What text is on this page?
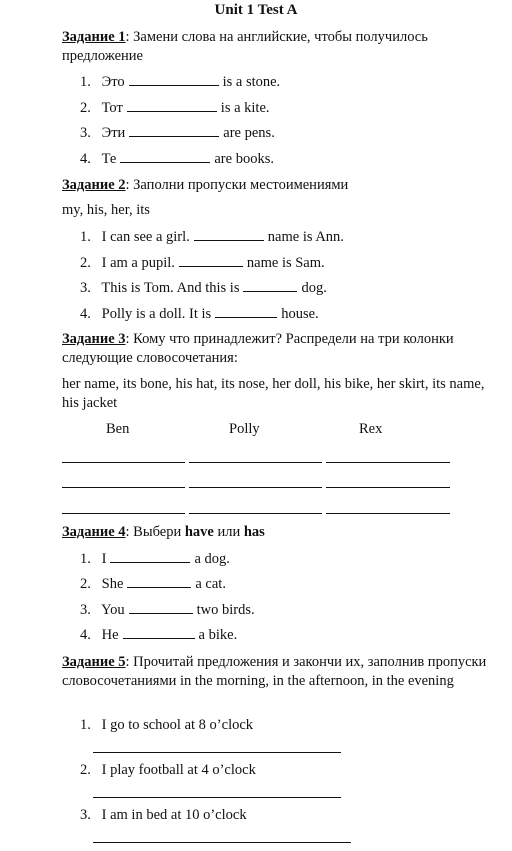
Unit 1 Test A
Задание 1: Замени слова на английские, чтобы получилось предложение
1. Это	is a stone.
2. Тот	is a kite.
3. Эти	are pens.
4. Те	are books.
Задание 2: Заполни пропуски местоимениями
my, his, her, its
1. I can see a girl.	name is Ann.
2. I am a pupil.	name is Sam.
3. This is Tom. And this is	dog.
4. Polly is a doll. It is	house.
Задание 3: Кому что принадлежит? Распредели на три колонки следующие словосочетания:
her name, its bone, his hat, its nose, her doll, his bike, her skirt, its name, his jacket
Ben	Polly	Rex
Задание 4: Выбери have или has
1. I	a dog.
2. She	a cat.
3. You	two birds.
4. He	a bike.
Задание 5: Прочитай предложения и закончи их, заполнив пропуски словосочетаниями in the morning, in the afternoon, in the evening
1. I go to school at 8 o’clock
2. I play football at 4 o’clock
3. I am in bed at 10 o’clock
